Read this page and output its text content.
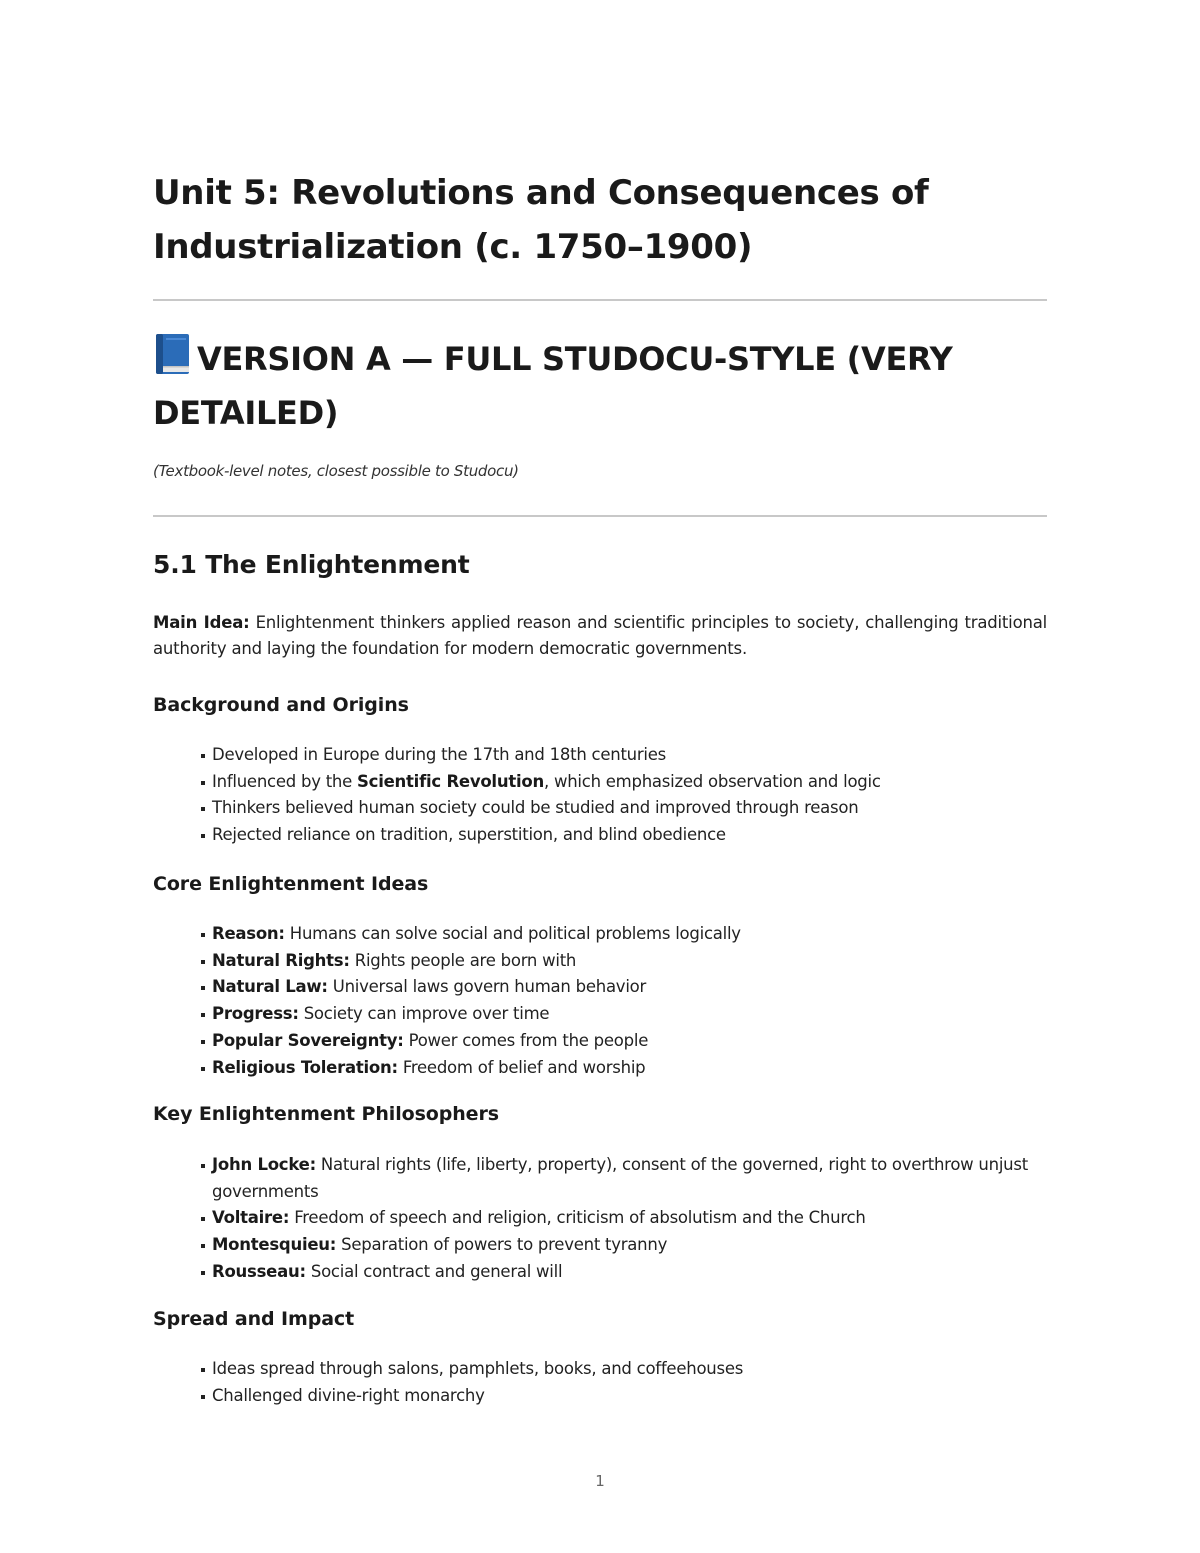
Unit 5: Revolutions and Consequences of
Industrialization (c. 1750–1900)
VERSION A — FULL STUDOCU-STYLE (VERY
DETAILED)

(Textbook-level notes, closest possible to Studocu)

5.1 The Enlightenment

Main Idea: Enlightenment thinkers applied reason and scientific principles to society, challenging traditional authority and laying the foundation for modern democratic governments.

Background and Origins
Developed in Europe during the 17th and 18th centuries
Influenced by the Scientific Revolution, which emphasized observation and logic
Thinkers believed human society could be studied and improved through reason
Rejected reliance on tradition, superstition, and blind obedience
Core Enlightenment Ideas
Reason: Humans can solve social and political problems logically
Natural Rights: Rights people are born with
Natural Law: Universal laws govern human behavior
Progress: Society can improve over time
Popular Sovereignty: Power comes from the people
Religious Toleration: Freedom of belief and worship
Key Enlightenment Philosophers
John Locke: Natural rights (life, liberty, property), consent of the governed, right to overthrow unjust governments
Voltaire: Freedom of speech and religion, criticism of absolutism and the Church
Montesquieu: Separation of powers to prevent tyranny
Rousseau: Social contract and general will
Spread and Impact
Ideas spread through salons, pamphlets, books, and coffeehouses
Challenged divine-right monarchy
1
